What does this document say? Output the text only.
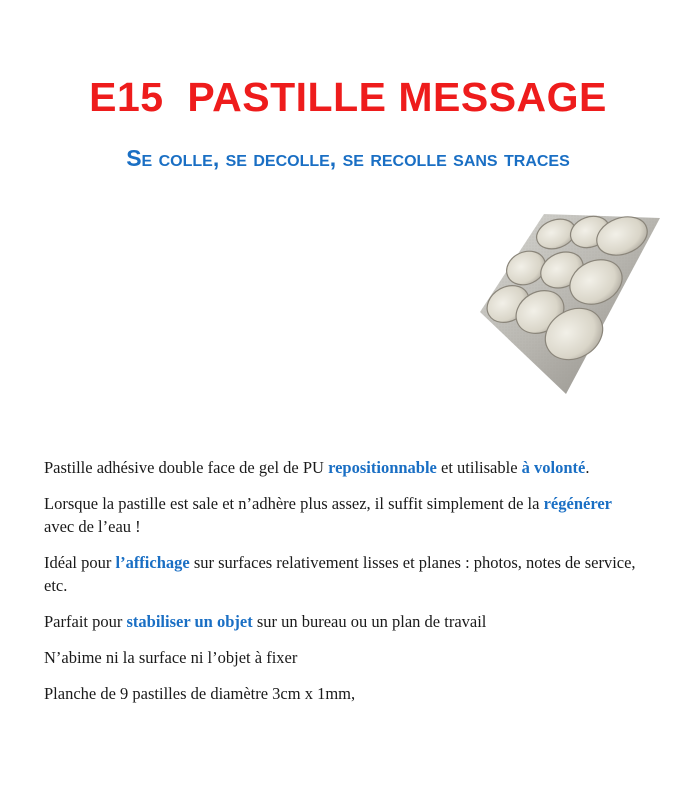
E15  PASTILLE MESSAGE
Se colle, se decolle, se recolle sans traces

Pastille adhésive double face de gel de PU repositionnable et utilisable à volonté.

Lorsque la pastille est sale et n’adhère plus assez, il suffit simplement de la régénérer avec de l’eau !

Idéal pour l’affichage sur surfaces relativement lisses et planes : photos, notes de service, etc.

Parfait pour stabiliser un objet sur un bureau ou un plan de travail

N’abime ni la surface ni l’objet à fixer

Planche de 9 pastilles de diamètre 3cm x 1mm,
